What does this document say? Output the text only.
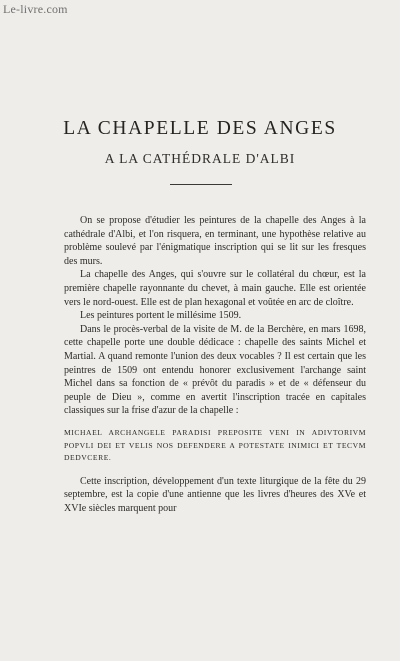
Le-livre.com
LA CHAPELLE DES ANGES
A LA CATHÉDRALE D'ALBI

On se propose d'étudier les peintures de la chapelle des Anges à la cathédrale d'Albi, et l'on risquera, en terminant, une hypothèse relative au problème soulevé par l'énigmatique inscription qui se lit sur les fresques des murs.

La chapelle des Anges, qui s'ouvre sur le collatéral du chœur, est la première chapelle rayonnante du chevet, à main gauche. Elle est orientée vers le nord-ouest. Elle est de plan hexagonal et voûtée en arc de cloître.

Les peintures portent le millésime 1509.

Dans le procès-verbal de la visite de M. de la Berchère, en mars 1698, cette chapelle porte une double dédicace : chapelle des saints Michel et Martial. A quand remonte l'union des deux vocables ? Il est certain que les peintres de 1509 ont entendu honorer exclusivement l'archange saint Michel dans sa fonction de « prévôt du paradis » et de « défenseur du peuple de Dieu », comme en avertit l'inscription tracée en capitales classiques sur la frise d'azur de la chapelle :

MICHAEL ARCHANGELE PARADISI PREPOSITE VENI IN ADIVTORIVM POPVLI DEI ET VELIS NOS DEFENDERE A POTESTATE INIMICI ET TECVM DEDVCERE.

Cette inscription, développement d'un texte liturgique de la fête du 29 septembre, est la copie d'une antienne que les livres d'heures des XVe et XVIe siècles marquent pour
